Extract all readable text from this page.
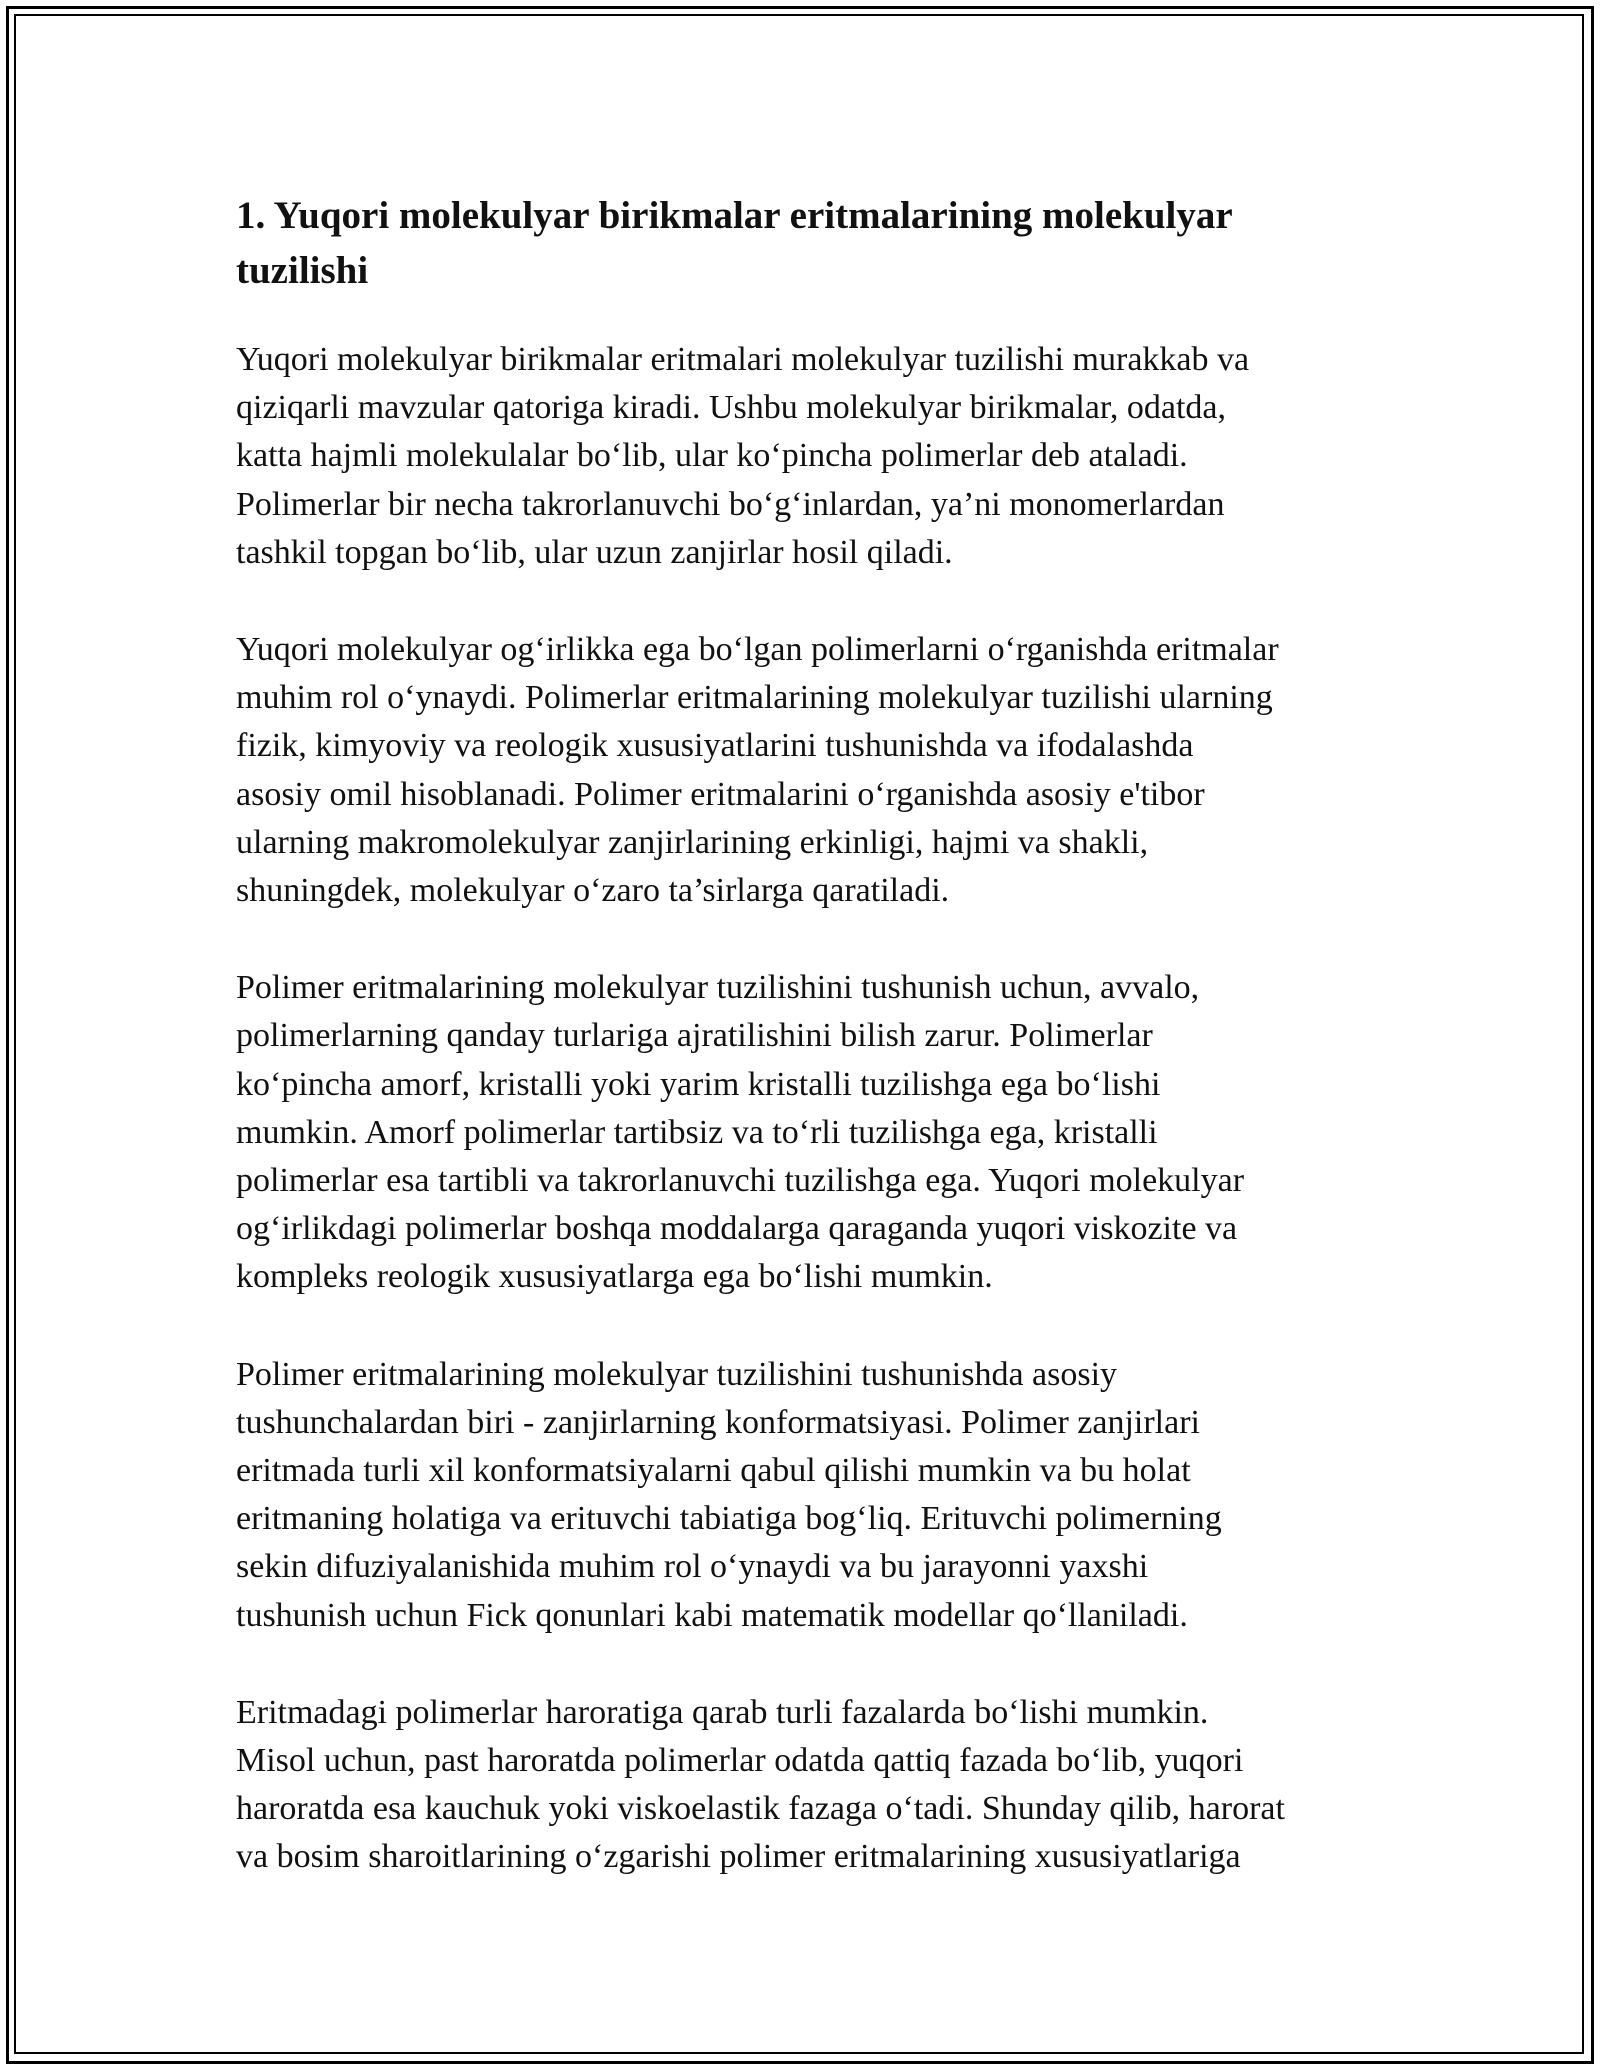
1. Yuqori molekulyar birikmalar eritmalarining molekulyar
tuzilishi

Yuqori molekulyar birikmalar eritmalari molekulyar tuzilishi murakkab va
qiziqarli mavzular qatoriga kiradi. Ushbu molekulyar birikmalar, odatda,
katta hajmli molekulalar bo‘lib, ular ko‘pincha polimerlar deb ataladi.
Polimerlar bir necha takrorlanuvchi bo‘g‘inlardan, ya’ni monomerlardan
tashkil topgan bo‘lib, ular uzun zanjirlar hosil qiladi.

Yuqori molekulyar og‘irlikka ega bo‘lgan polimerlarni o‘rganishda eritmalar
muhim rol o‘ynaydi. Polimerlar eritmalarining molekulyar tuzilishi ularning
fizik, kimyoviy va reologik xususiyatlarini tushunishda va ifodalashda
asosiy omil hisoblanadi. Polimer eritmalarini o‘rganishda asosiy e'tibor
ularning makromolekulyar zanjirlarining erkinligi, hajmi va shakli,
shuningdek, molekulyar o‘zaro ta’sirlarga qaratiladi.

Polimer eritmalarining molekulyar tuzilishini tushunish uchun, avvalo,
polimerlarning qanday turlariga ajratilishini bilish zarur. Polimerlar
ko‘pincha amorf, kristalli yoki yarim kristalli tuzilishga ega bo‘lishi
mumkin. Amorf polimerlar tartibsiz va to‘rli tuzilishga ega, kristalli
polimerlar esa tartibli va takrorlanuvchi tuzilishga ega. Yuqori molekulyar
og‘irlikdagi polimerlar boshqa moddalarga qaraganda yuqori viskozite va
kompleks reologik xususiyatlarga ega bo‘lishi mumkin.

Polimer eritmalarining molekulyar tuzilishini tushunishda asosiy
tushunchalardan biri - zanjirlarning konformatsiyasi. Polimer zanjirlari
eritmada turli xil konformatsiyalarni qabul qilishi mumkin va bu holat
eritmaning holatiga va erituvchi tabiatiga bog‘liq. Erituvchi polimerning
sekin difuziyalanishida muhim rol o‘ynaydi va bu jarayonni yaxshi
tushunish uchun Fick qonunlari kabi matematik modellar qo‘llaniladi.

Eritmadagi polimerlar haroratiga qarab turli fazalarda bo‘lishi mumkin.
Misol uchun, past haroratda polimerlar odatda qattiq fazada bo‘lib, yuqori
haroratda esa kauchuk yoki viskoelastik fazaga o‘tadi. Shunday qilib, harorat
va bosim sharoitlarining o‘zgarishi polimer eritmalarining xususiyatlariga
